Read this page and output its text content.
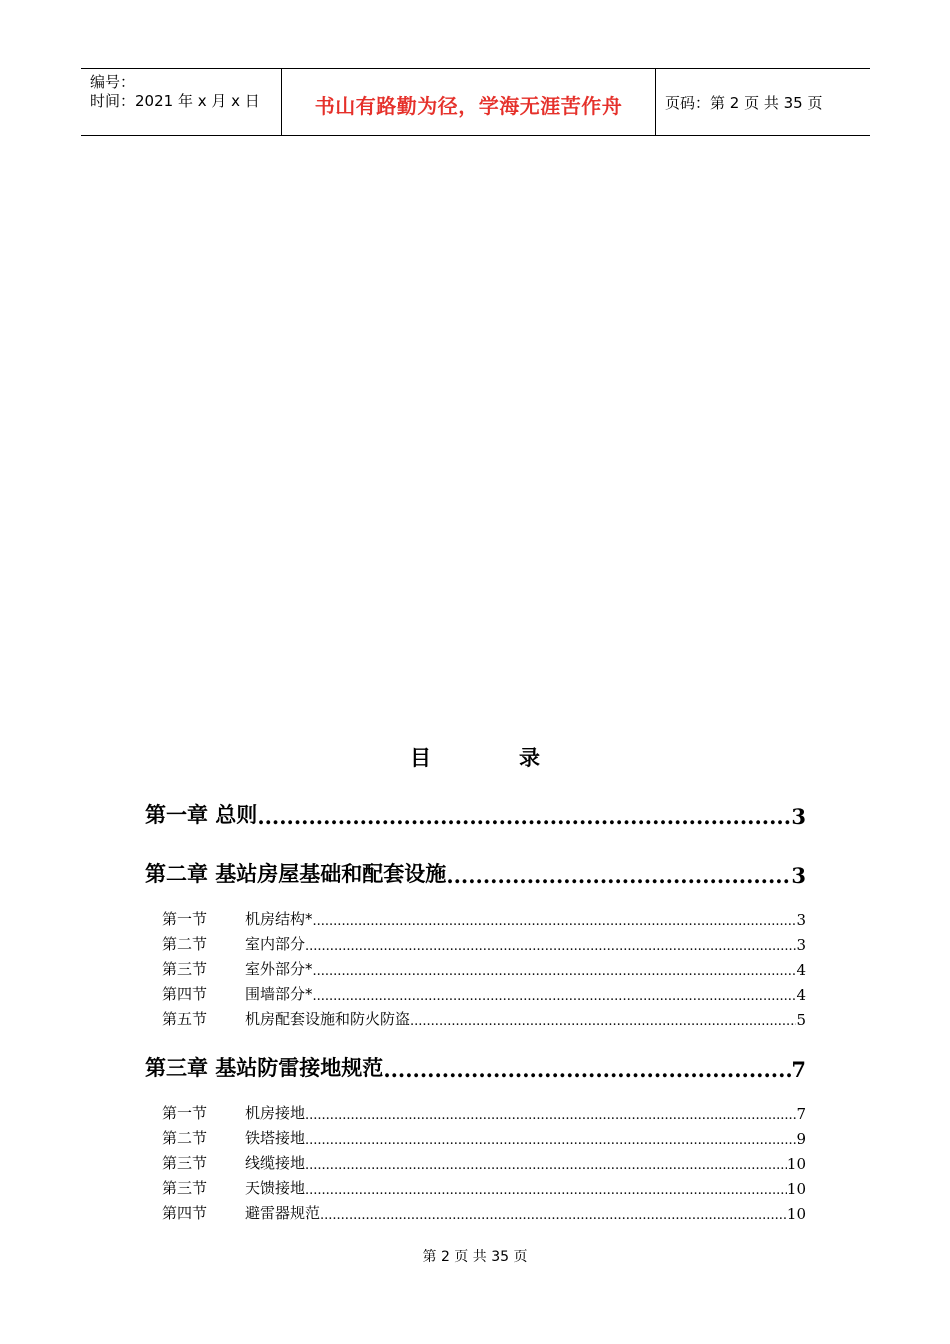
编号：
时间：2021 年 x 月 x 日	书山有路勤为径，学海无涯苦作舟	页码：第 2 页 共 35 页
目	录
第一章 总则 .....	3
第二章 基站房屋基础和配套设施 .....	3
第一节	机房结构* .....	3
第二节	室内部分 .....	3
第三节	室外部分* .....	4
第四节	围墙部分* .....	4
第五节	机房配套设施和防火防盗 .....	5
第三章 基站防雷接地规范 .....	7
第一节	机房接地 .....	7
第二节	铁塔接地 .....	9
第三节	线缆接地 .....	10
第三节	天馈接地 .....	10
第四节	避雷器规范 .....	10
第 2 页 共 35 页
